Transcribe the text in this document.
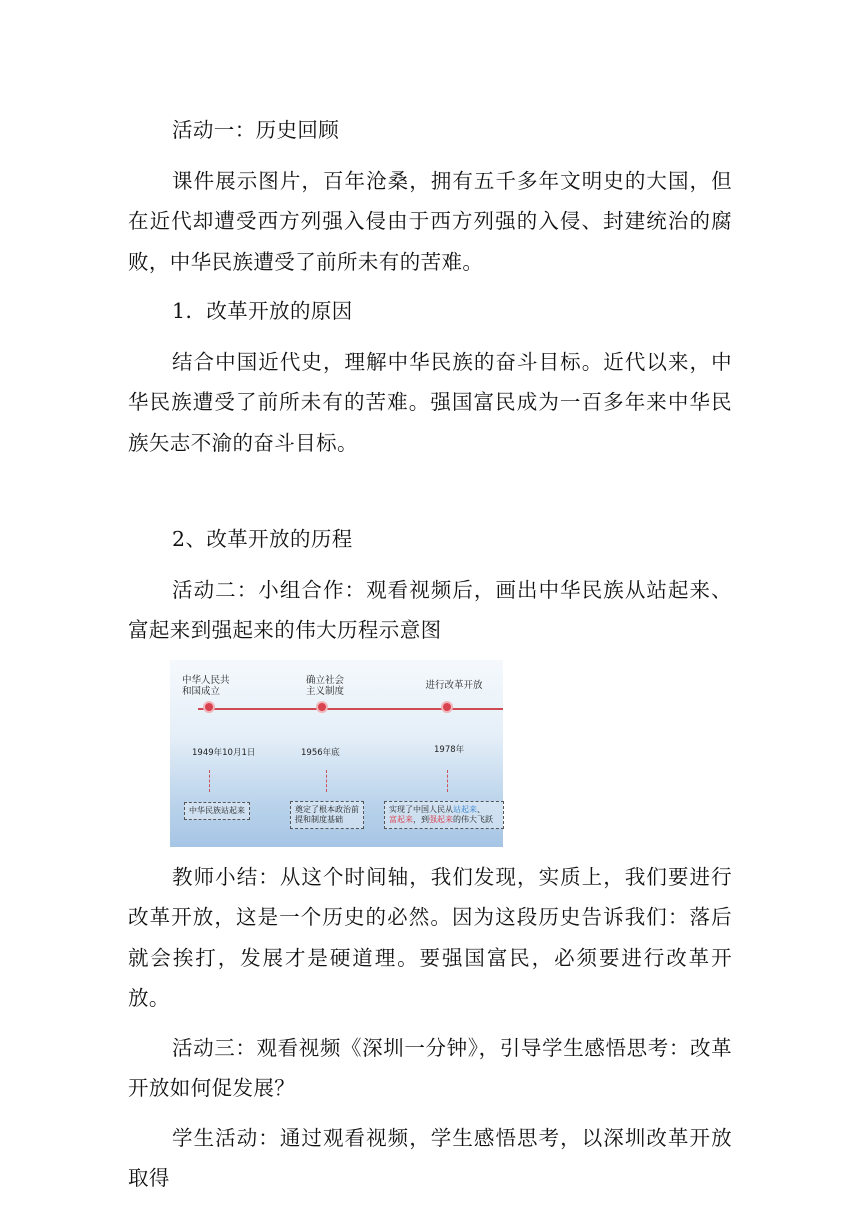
活动一：历史回顾

课件展示图片，百年沧桑，拥有五千多年文明史的大国，但在近代却遭受西方列强入侵由于西方列强的入侵、封建统治的腐败，中华民族遭受了前所未有的苦难。

1．改革开放的原因

结合中国近代史，理解中华民族的奋斗目标。近代以来，中华民族遭受了前所未有的苦难。强国富民成为一百多年来中华民族矢志不渝的奋斗目标。

2、改革开放的历程

活动二：小组合作：观看视频后，画出中华民族从站起来、富起来到强起来的伟大历程示意图

中华人民共
和国成立
1949年10月1日
中华民族站起来
确立社会
主义制度
1956年底
奠定了根本政治前
提和制度基础
进行改革开放
1978年
实现了中国人民从站起来、
富起来，到强起来的伟大飞跃

教师小结：从这个时间轴，我们发现，实质上，我们要进行改革开放，这是一个历史的必然。因为这段历史告诉我们：落后就会挨打，发展才是硬道理。要强国富民，必须要进行改革开放。

活动三：观看视频《深圳一分钟》，引导学生感悟思考：改革开放如何促发展？

学生活动：通过观看视频，学生感悟思考，以深圳改革开放取得
